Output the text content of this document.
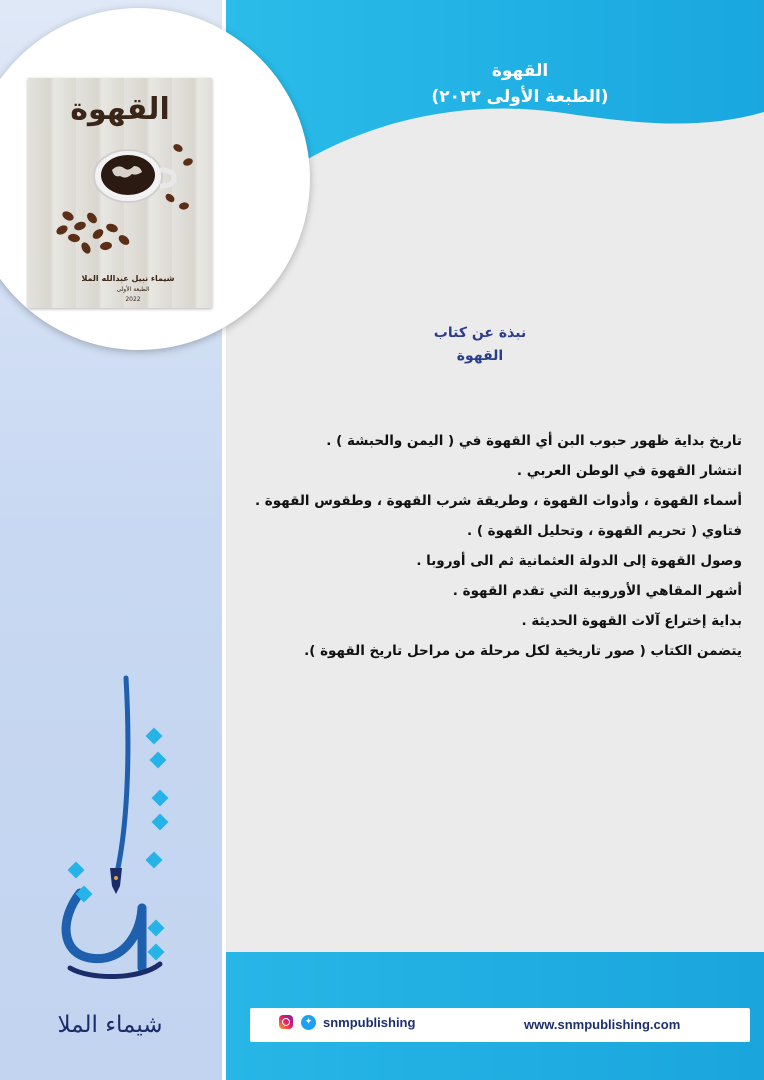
القهوة
(الطبعة الأولى ٢٠٢٢)
القهوة
شيماء نبيل عبدالله الملا
الطبعة الأولى
2022
نبذة عن كتاب
القهوة
تاريخ بداية ظهور حبوب البن أي القهوة في ( اليمن والحبشة ) .
انتشار القهوة في الوطن العربي .
أسماء القهوة ، وأدوات القهوة ، وطريقة شرب القهوة ، وطقوس القهوة .
فتاوي ( تحريم القهوة ، وتحليل القهوة ) .
وصول القهوة إلى الدولة العثمانية ثم الى أوروبا .
أشهر المقاهي الأوروبية التي تقدم القهوة .
بداية إختراع آلات القهوة الحديثة .
يتضمن الكتاب ( صور تاريخية لكل مرحلة من مراحل تاريخ القهوة ).
شيماء الملا	✦ snmpublishing	www.snmpublishing.com
